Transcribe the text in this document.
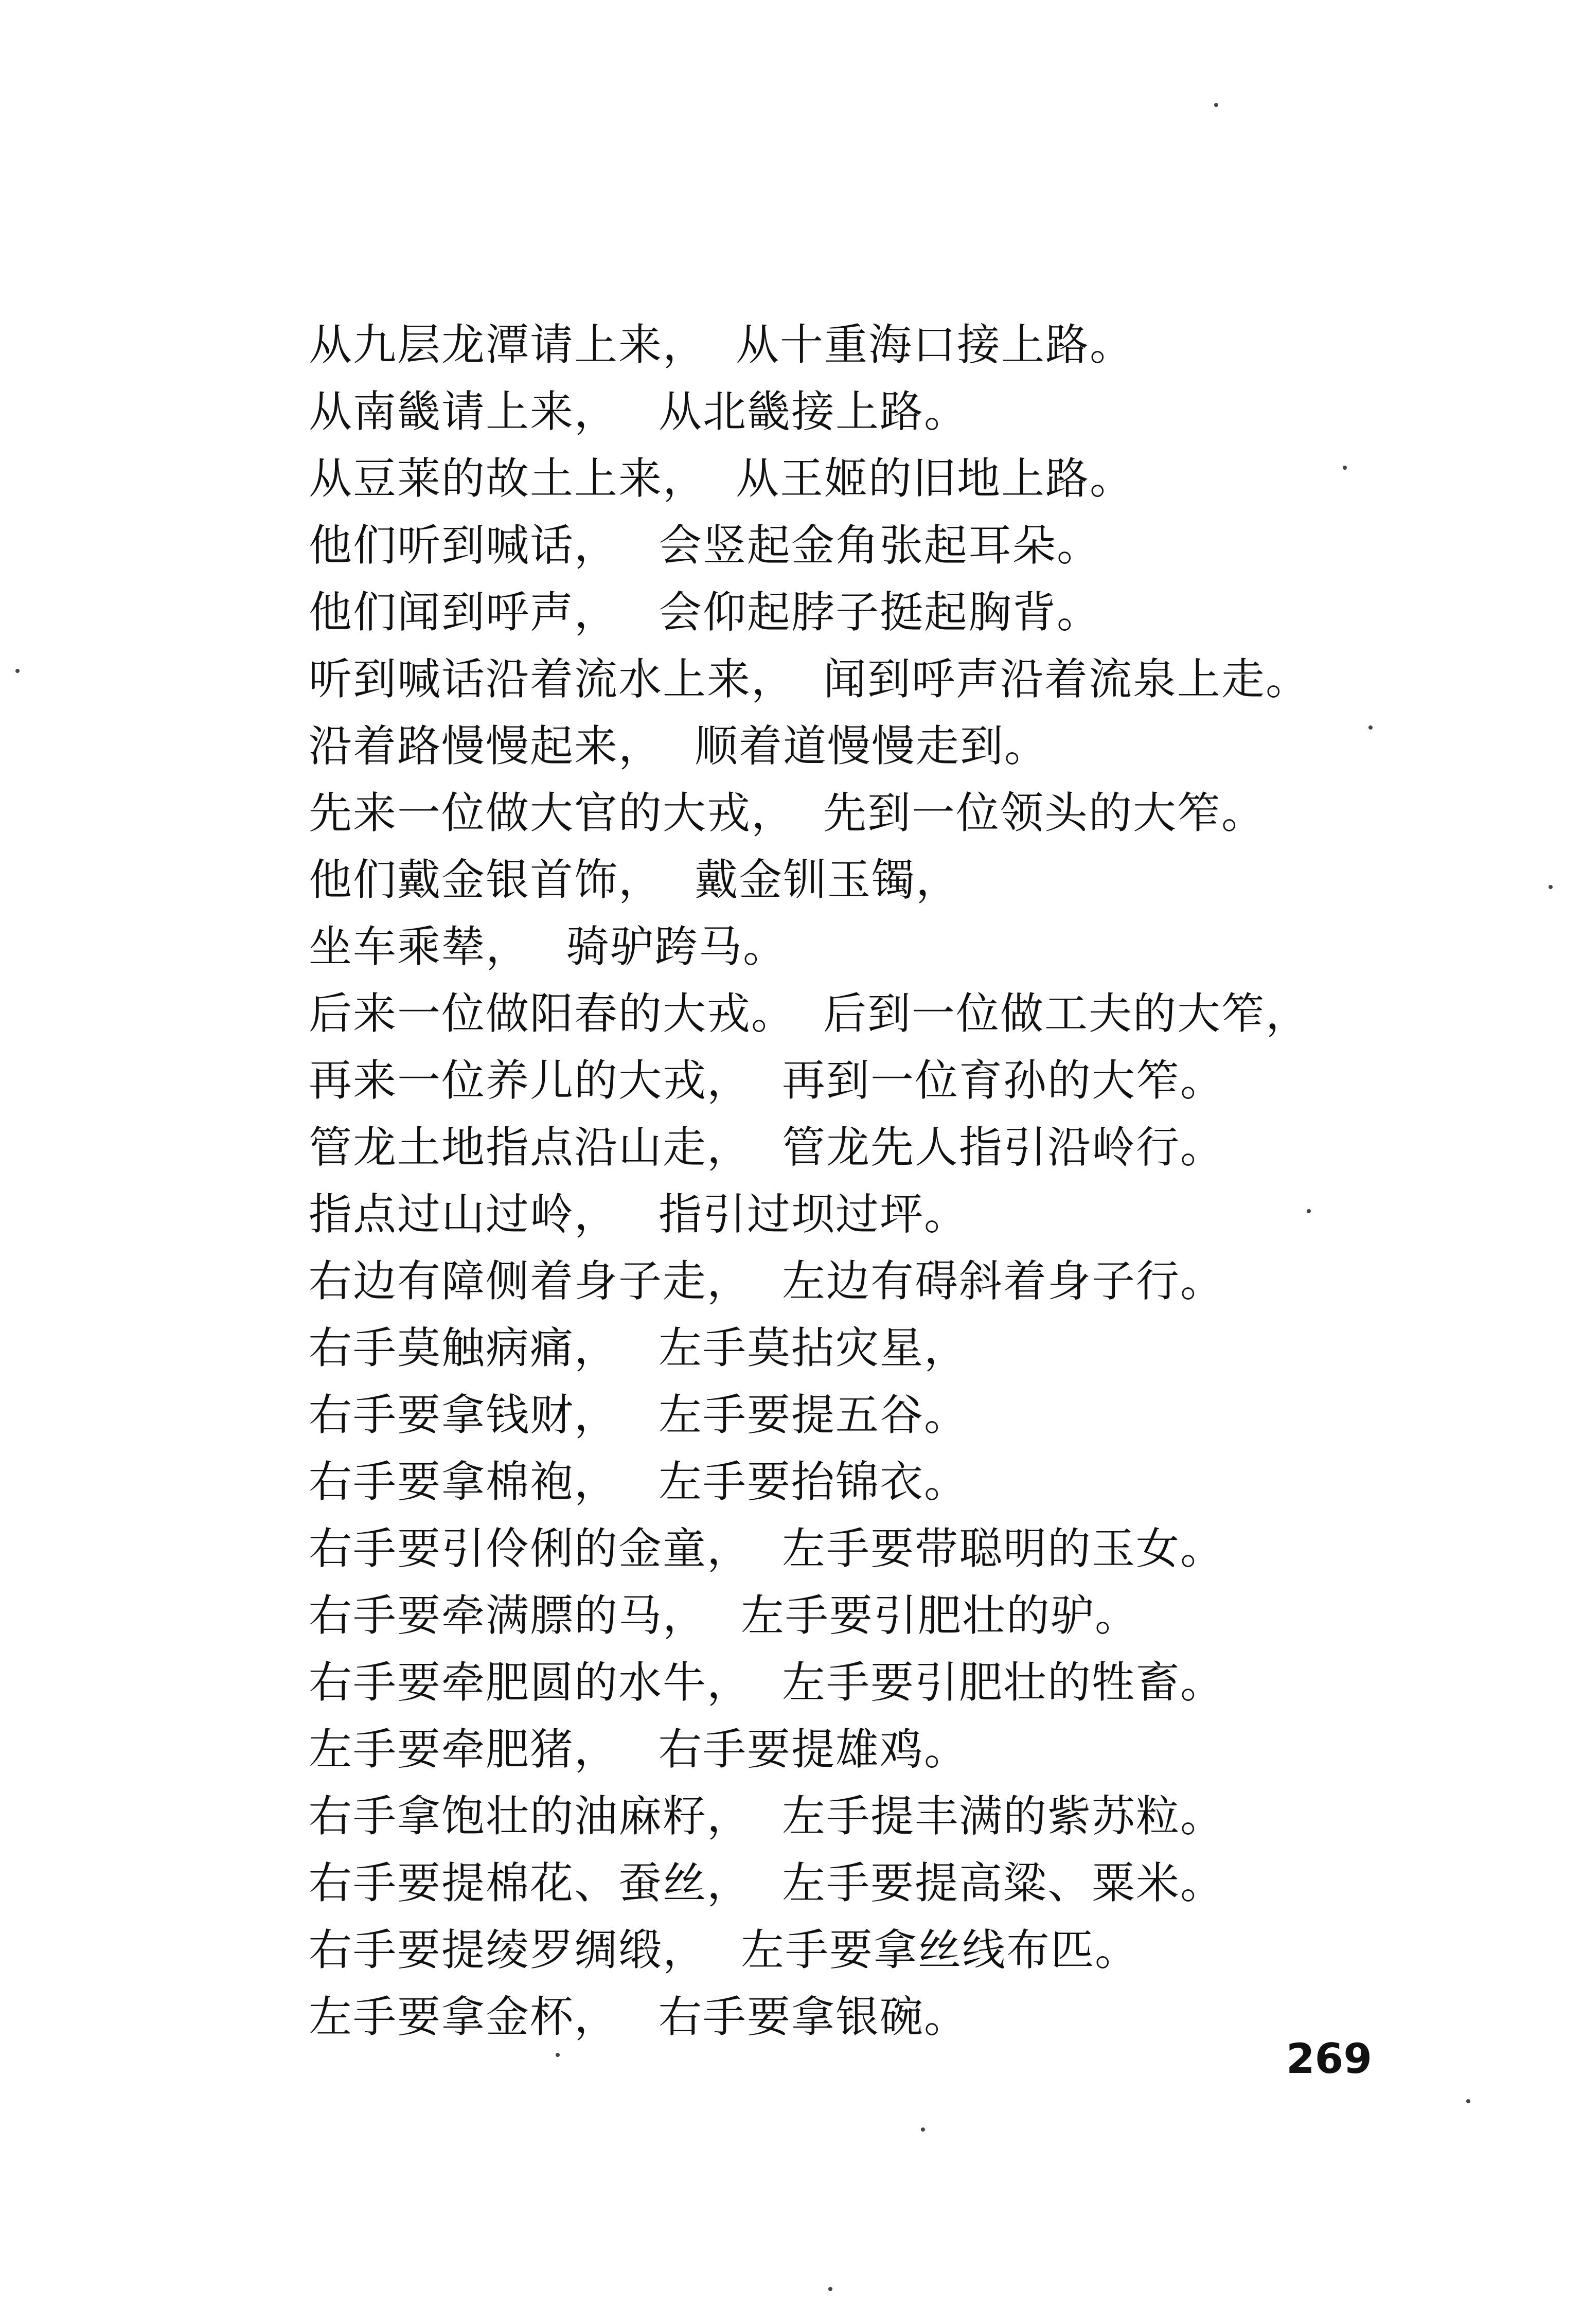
从九层龙潭请上来， 从十重海口接上路。
从南畿请上来， 从北畿接上路。
从豆莱的故土上来， 从王姬的旧地上路。
他们听到喊话， 会竖起金角张起耳朵。
他们闻到呼声， 会仰起脖子挺起胸背。
听到喊话沿着流水上来， 闻到呼声沿着流泉上走。
沿着路慢慢起来， 顺着道慢慢走到。
先来一位做大官的大戎， 先到一位领头的大笮。
他们戴金银首饰， 戴金钏玉镯，
坐车乘辇， 骑驴跨马。
后来一位做阳春的大戎。 后到一位做工夫的大笮，
再来一位养儿的大戎， 再到一位育孙的大笮。
管龙土地指点沿山走， 管龙先人指引沿岭行。
指点过山过岭， 指引过坝过坪。
右边有障侧着身子走， 左边有碍斜着身子行。
右手莫触病痛， 左手莫拈灾星，
右手要拿钱财， 左手要提五谷。
右手要拿棉袍， 左手要抬锦衣。
右手要引伶俐的金童， 左手要带聪明的玉女。
右手要牵满膘的马， 左手要引肥壮的驴。
右手要牵肥圆的水牛， 左手要引肥壮的牲畜。
左手要牵肥猪， 右手要提雄鸡。
右手拿饱壮的油麻籽， 左手提丰满的紫苏粒。
右手要提棉花、蚕丝， 左手要提高粱、粟米。
右手要提绫罗绸缎， 左手要拿丝线布匹。
左手要拿金杯， 右手要拿银碗。
269
